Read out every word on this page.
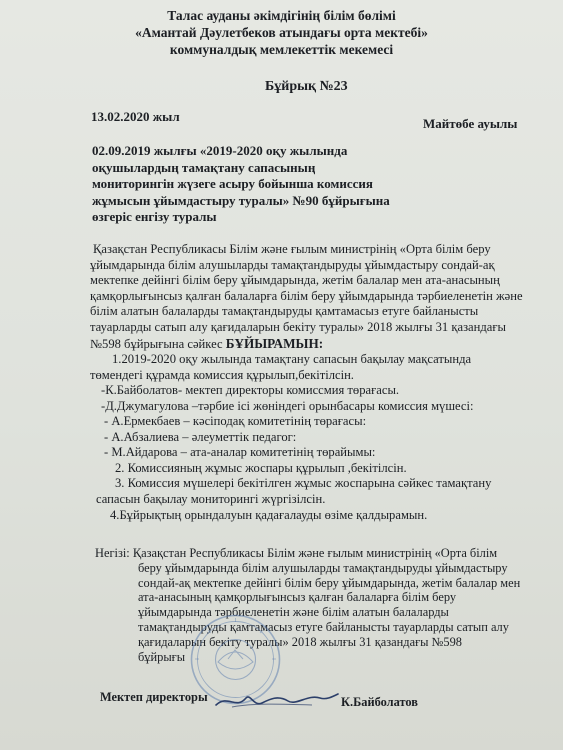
Талас ауданы әкімдігінің білім бөлімі
«Амантай Дәулетбеков атындағы орта мектебі»
коммуналдық мемлекеттік мекемесі
Бұйрық №23
13.02.2020 жыл	Майтөбе ауылы
02.09.2019 жылғы «2019-2020 оқу жылында
оқушылардың тамақтану сапасының
мониторингін жүзеге асыру бойынша комиссия
жұмысын ұйымдастыру туралы» №90 бұйрығына
өзгеріс енгізу туралы
Қазақстан Республикасы Білім және ғылым министрінің «Орта білім беру
ұйымдарында білім алушыларды тамақтандыруды ұйымдастыру сондай-ақ
мектепке дейінгі білім беру ұйымдарында, жетім балалар мен ата-анасының
қамқорлығынсыз қалған балаларға білім беру ұйымдарында тәрбиеленетін және
білім алатын балаларды тамақтандыруды қамтамасыз етуге байланысты
тауарларды сатып алу қағидаларын бекіту туралы» 2018 жылғы 31 қазандағы
№598 бұйрығына сәйкес БҰЙЫРАМЫН:
1.2019-2020 оқу жылында тамақтану сапасын бақылау мақсатында
төмендегі құрамда комиссия құрылып,бекітілсін.
-К.Байболатов- мектеп директоры комиссмия төрағасы.
-Д.Джумагулова –тәрбие ісі жөніндегі орынбасары комиссия мүшесі:
- А.Ермекбаев – кәсіподақ комитетінің төрағасы:
- А.Абзалиева – әлеуметтік педагог:
- М.Айдарова – ата-аналар комитетінің төрайымы:
2. Комиссияның жұмыс жоспары құрылып ,бекітілсін.
3. Комиссия мүшелері бекітілген жұмыс жоспарына сәйкес тамақтану
сапасын бақылау мониторингі жүргізілсін.
4.Бұйрықтың орындалуын қадағалауды өзіме қалдырамын.
Негізі: Қазақстан Республикасы Білім және ғылым министрінің «Орта білім
беру ұйымдарында білім алушыларды тамақтандыруды ұйымдастыру
сондай-ақ мектепке дейінгі білім беру ұйымдарында, жетім балалар мен
ата-анасының қамқорлығынсыз қалған балаларға білім беру
ұйымдарында тәрбиеленетін және білім алатын балаларды
тамақтандыруды қамтамасыз етуге байланысты тауарларды сатып алу
қағидаларын бекіту туралы» 2018 жылғы 31 қазандағы №598
бұйрығы
Мектеп директоры	К.Байболатов
